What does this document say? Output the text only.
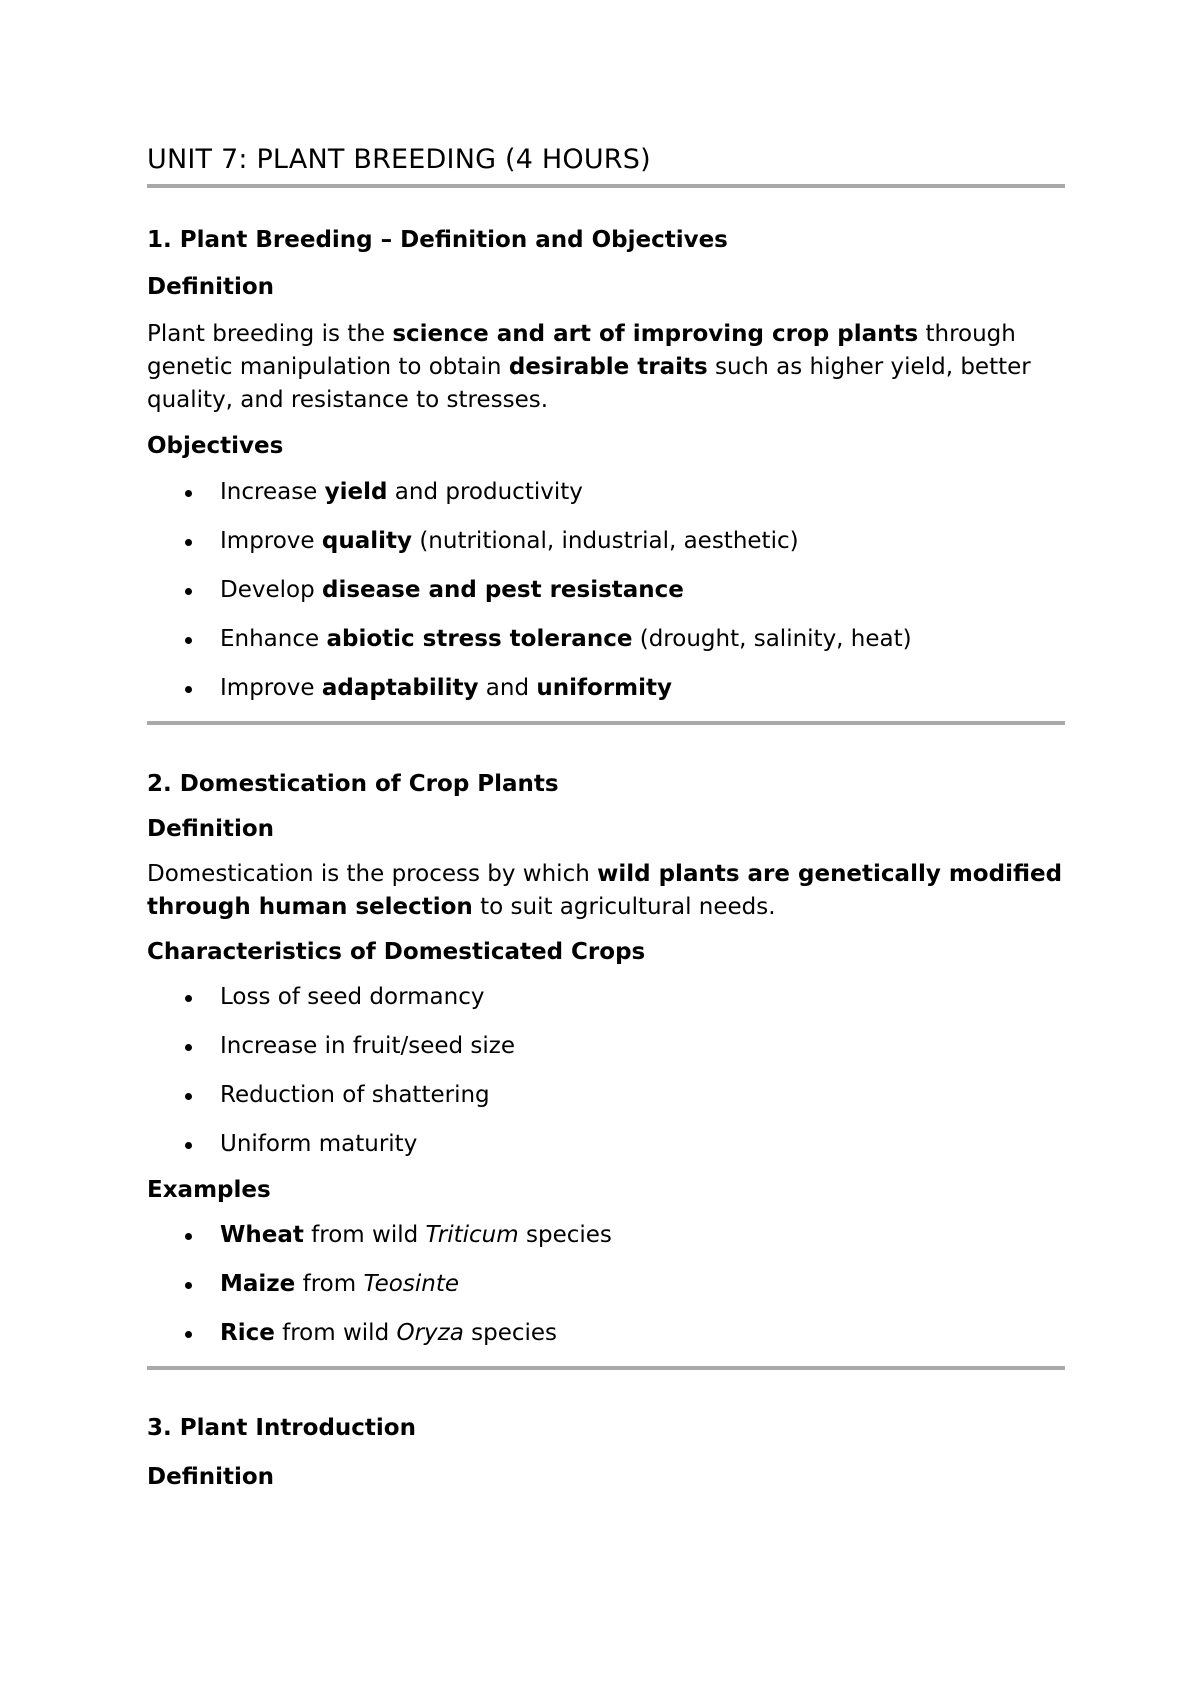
UNIT 7: PLANT BREEDING (4 HOURS)
1. Plant Breeding – Definition and Objectives
Definition

Plant breeding is the science and art of improving crop plants through genetic manipulation to obtain desirable traits such as higher yield, better quality, and resistance to stresses.

Objectives
Increase yield and productivity
Improve quality (nutritional, industrial, aesthetic)
Develop disease and pest resistance
Enhance abiotic stress tolerance (drought, salinity, heat)
Improve adaptability and uniformity
2. Domestication of Crop Plants
Definition

Domestication is the process by which wild plants are genetically modified through human selection to suit agricultural needs.

Characteristics of Domesticated Crops
Loss of seed dormancy
Increase in fruit/seed size
Reduction of shattering
Uniform maturity
Examples
Wheat from wild Triticum species
Maize from Teosinte
Rice from wild Oryza species
3. Plant Introduction
Definition
